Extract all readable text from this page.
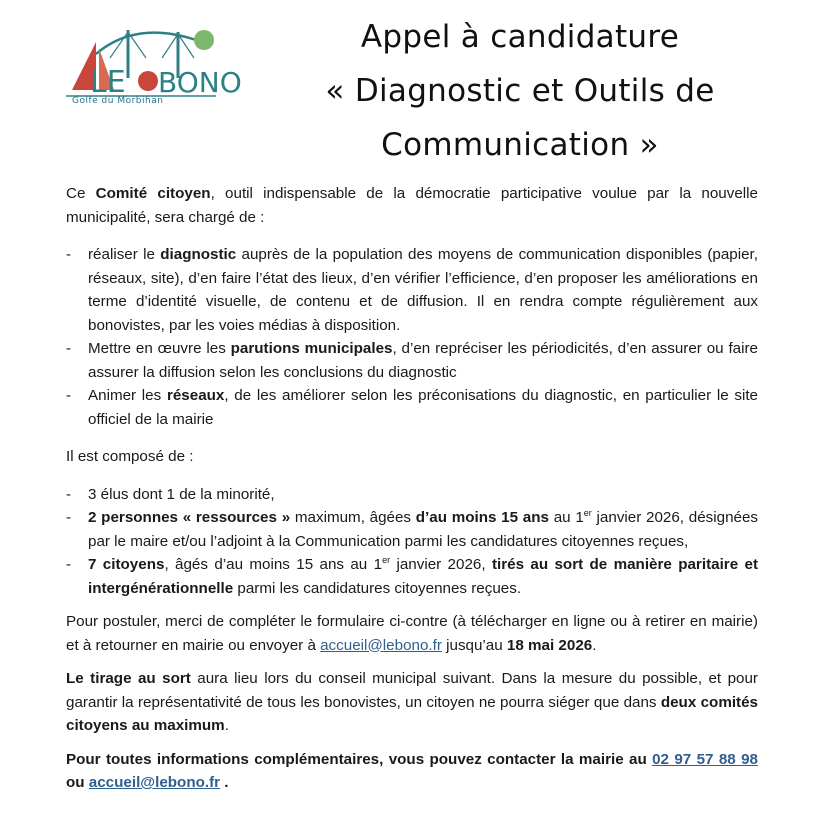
LE BONO
Golfe du Morbihan
Appel à candidature
« Diagnostic et Outils de
Communication »

Ce Comité citoyen, outil indispensable de la démocratie participative voulue par la nouvelle municipalité, sera chargé de :

- réaliser le diagnostic auprès de la population des moyens de communication disponibles (papier, réseaux, site), d’en faire l’état des lieux, d’en vérifier l’efficience, d’en proposer les améliorations en terme d’identité visuelle, de contenu et de diffusion. Il en rendra compte régulièrement aux bonovistes, par les voies médias à disposition.
- Mettre en œuvre les parutions municipales, d’en repréciser les périodicités, d’en assurer ou faire assurer la diffusion selon les conclusions du diagnostic
- Animer les réseaux, de les améliorer selon les préconisations du diagnostic, en particulier le site officiel de la mairie

Il est composé de :

- 3 élus dont 1 de la minorité,
- 2 personnes « ressources » maximum, âgées d’au moins 15 ans au 1er janvier 2026, désignées par le maire et/ou l’adjoint à la Communication parmi les candidatures citoyennes reçues,
- 7 citoyens, âgés d’au moins 15 ans au 1er janvier 2026, tirés au sort de manière paritaire et intergénérationnelle parmi les candidatures citoyennes reçues.

Pour postuler, merci de compléter le formulaire ci-contre (à télécharger en ligne ou à retirer en mairie) et à retourner en mairie ou envoyer à accueil@lebono.fr jusqu’au 18 mai 2026.

Le tirage au sort aura lieu lors du conseil municipal suivant. Dans la mesure du possible, et pour garantir la représentativité de tous les bonovistes, un citoyen ne pourra siéger que dans deux comités citoyens au maximum.

Pour toutes informations complémentaires, vous pouvez contacter la mairie au 02 97 57 88 98 ou accueil@lebono.fr .
